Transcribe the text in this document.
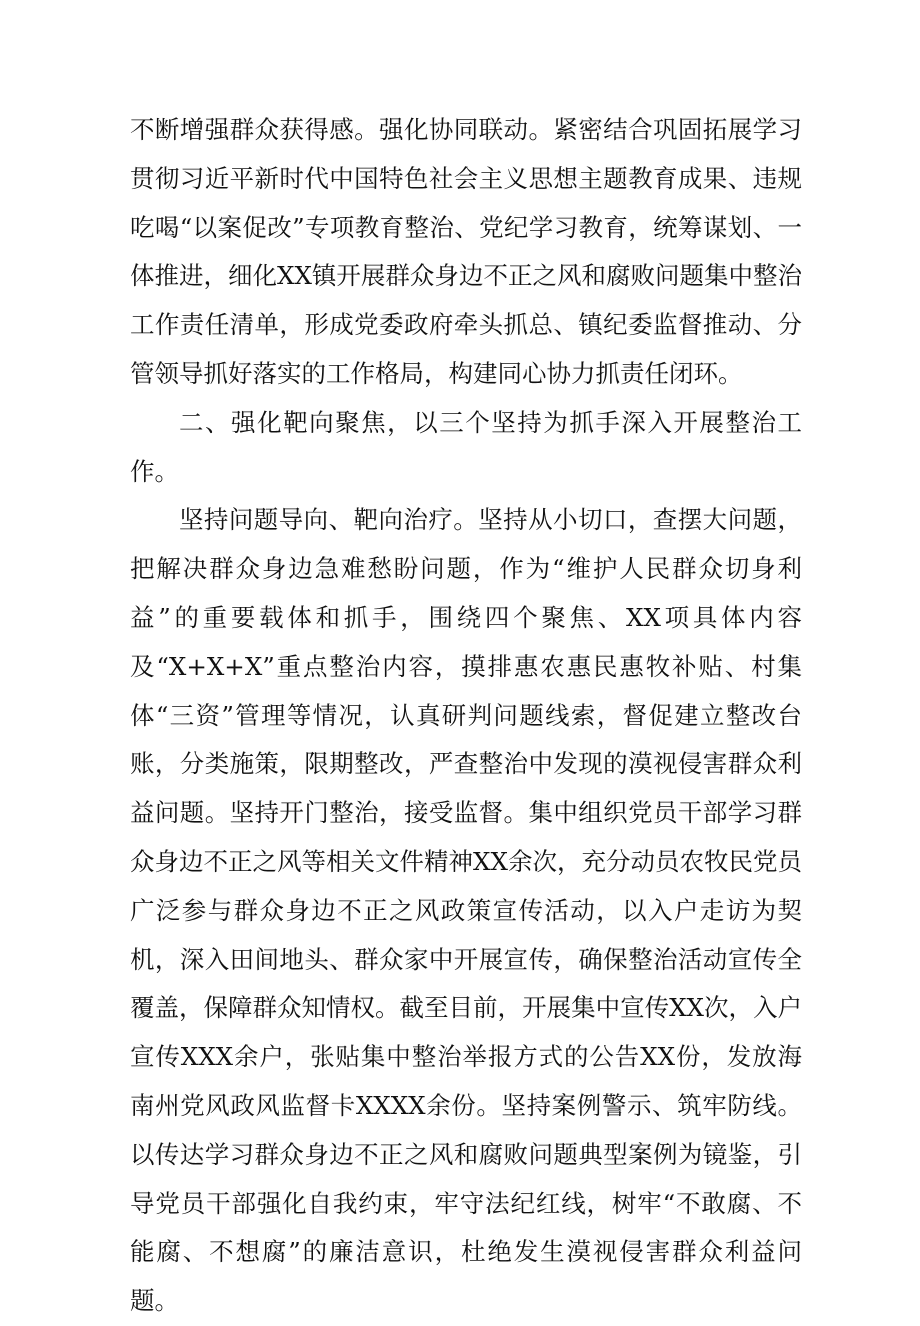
不断增强群众获得感。强化协同联动。紧密结合巩固拓展学习贯彻习近平新时代中国特色社会主义思想主题教育成果、违规吃喝“以案促改”专项教育整治、党纪学习教育，统筹谋划、一体推进，细化XX镇开展群众身边不正之风和腐败问题集中整治工作责任清单，形成党委政府牵头抓总、镇纪委监督推动、分管领导抓好落实的工作格局，构建同心协力抓责任闭环。

二、强化靶向聚焦，以三个坚持为抓手深入开展整治工作。

坚持问题导向、靶向治疗。坚持从小切口，查摆大问题，把解决群众身边急难愁盼问题，作为“维护人民群众切身利益”的重要载体和抓手，围绕四个聚焦、XX项具体内容及“X+X+X”重点整治内容，摸排惠农惠民惠牧补贴、村集体“三资”管理等情况，认真研判问题线索，督促建立整改台账，分类施策，限期整改，严查整治中发现的漠视侵害群众利益问题。坚持开门整治，接受监督。集中组织党员干部学习群众身边不正之风等相关文件精神XX余次，充分动员农牧民党员广泛参与群众身边不正之风政策宣传活动，以入户走访为契机，深入田间地头、群众家中开展宣传，确保整治活动宣传全覆盖，保障群众知情权。截至目前，开展集中宣传XX次，入户宣传XXX余户，张贴集中整治举报方式的公告XX份，发放海南州党风政风监督卡XXXX余份。坚持案例警示、筑牢防线。以传达学习群众身边不正之风和腐败问题典型案例为镜鉴，引导党员干部强化自我约束，牢守法纪红线，树牢“不敢腐、不能腐、不想腐”的廉洁意识，杜绝发生漠视侵害群众利益问题。
